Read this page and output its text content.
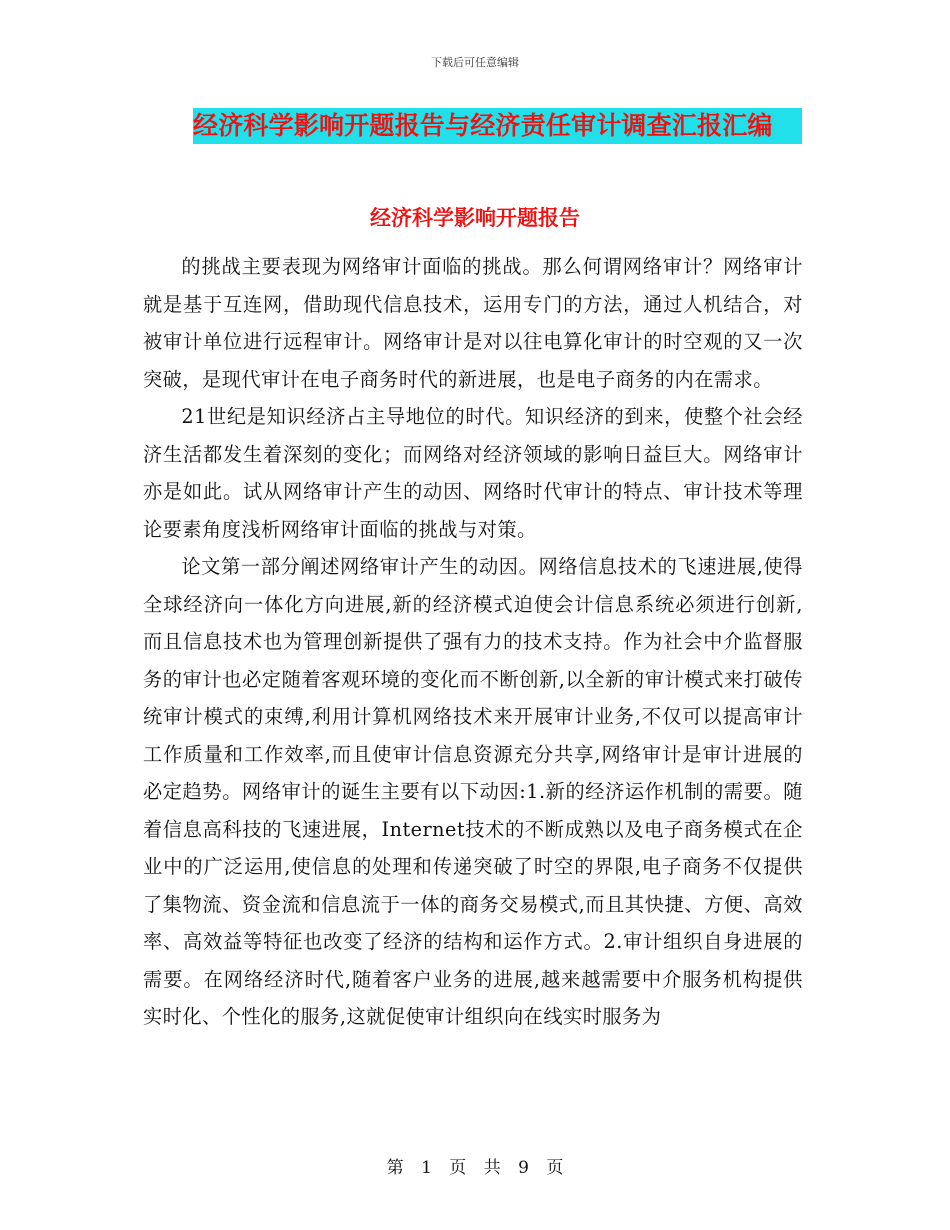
下载后可任意编辑
经济科学影响开题报告与经济责任审计调查汇报汇编
经济科学影响开题报告

的挑战主要表现为网络审计面临的挑战。那么何谓网络审计？网络审计就是基于互连网，借助现代信息技术，运用专门的方法，通过人机结合，对被审计单位进行远程审计。网络审计是对以往电算化审计的时空观的又一次突破，是现代审计在电子商务时代的新进展，也是电子商务的内在需求。

21世纪是知识经济占主导地位的时代。知识经济的到来，使整个社会经济生活都发生着深刻的变化；而网络对经济领域的影响日益巨大。网络审计亦是如此。试从网络审计产生的动因、网络时代审计的特点、审计技术等理论要素角度浅析网络审计面临的挑战与对策。

论文第一部分阐述网络审计产生的动因。网络信息技术的飞速进展,使得全球经济向一体化方向进展,新的经济模式迫使会计信息系统必须进行创新,而且信息技术也为管理创新提供了强有力的技术支持。作为社会中介监督服务的审计也必定随着客观环境的变化而不断创新,以全新的审计模式来打破传统审计模式的束缚,利用计算机网络技术来开展审计业务,不仅可以提高审计工作质量和工作效率,而且使审计信息资源充分共享,网络审计是审计进展的必定趋势。网络审计的诞生主要有以下动因:1.新的经济运作机制的需要。随着信息高科技的飞速进展，Internet技术的不断成熟以及电子商务模式在企业中的广泛运用,使信息的处理和传递突破了时空的界限,电子商务不仅提供了集物流、资金流和信息流于一体的商务交易模式,而且其快捷、方便、高效率、高效益等特征也改变了经济的结构和运作方式。2.审计组织自身进展的需要。在网络经济时代,随着客户业务的进展,越来越需要中介服务机构提供实时化、个性化的服务,这就促使审计组织向在线实时服务为

第 1 页 共 9 页
